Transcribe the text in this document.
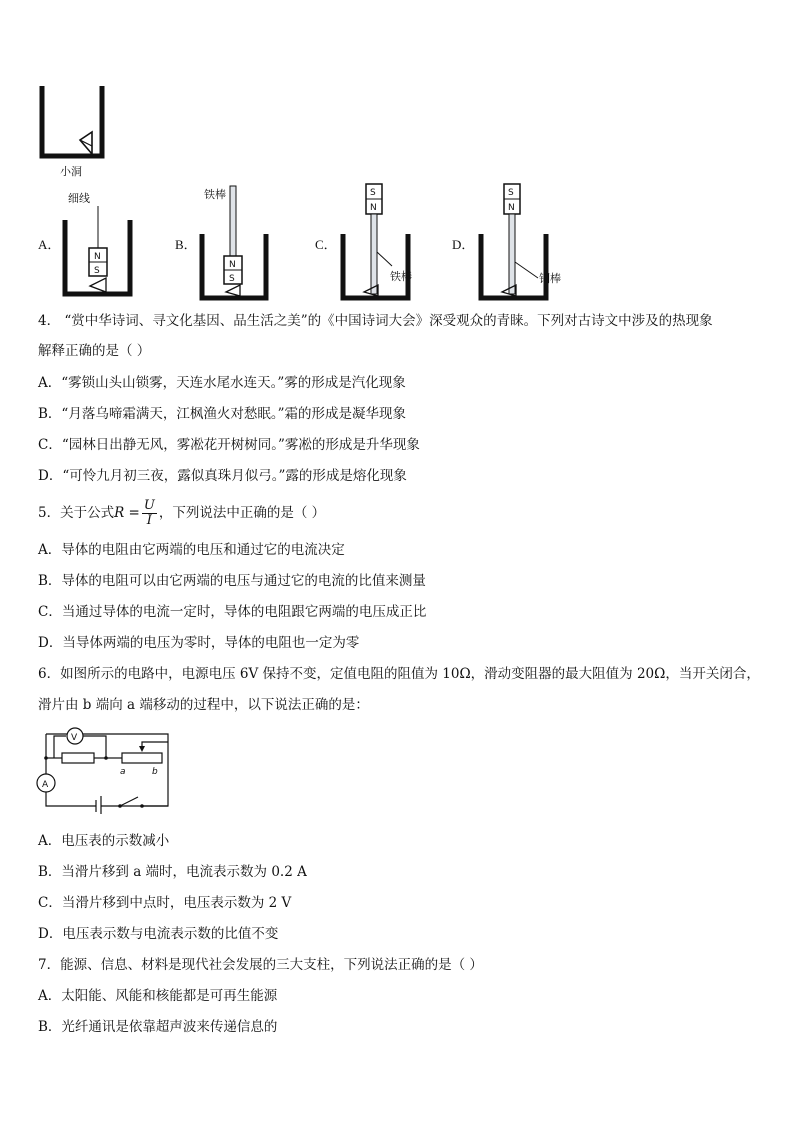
小洞
A．
细线
N
S
B．
铁棒
N
S
C．
S
N
铁棒
D．
S
N
铜棒
4． “赏中华诗词、寻文化基因、品生活之美”的《中国诗词大会》深受观众的青睐。下列对古诗文中涉及的热现象
解释正确的是（ ）
A．“雾锁山头山锁雾，天连水尾水连天。”雾的形成是汽化现象
B．“月落乌啼霜满天，江枫渔火对愁眠。”霜的形成是凝华现象
C．“园林日出静无风，雾凇花开树树同。”雾凇的形成是升华现象
D．“可怜九月初三夜，露似真珠月似弓。”露的形成是熔化现象
5．关于公式$R = \frac{U}{I}$ ，下列说法中正确的是（ ）
A．导体的电阻由它两端的电压和通过它的电流决定
B．导体的电阻可以由它两端的电压与通过它的电流的比值来测量
C．当通过导体的电流一定时，导体的电阻跟它两端的电压成正比
D．当导体两端的电压为零时，导体的电阻也一定为零
6．如图所示的电路中，电源电压 6V 保持不变，定值电阻的阻值为 10Ω，滑动变阻器的最大阻值为 20Ω，当开关闭合，
滑片由 b 端向 a 端移动的过程中，以下说法正确的是：
A
V
a	b
A．电压表的示数减小
B．当滑片移到 a 端时，电流表示数为 0.2 A
C．当滑片移到中点时，电压表示数为 2 V
D．电压表示数与电流表示数的比值不变
7．能源、信息、材料是现代社会发展的三大支柱，下列说法正确的是（ ）
A．太阳能、风能和核能都是可再生能源
B．光纤通讯是依靠超声波来传递信息的
